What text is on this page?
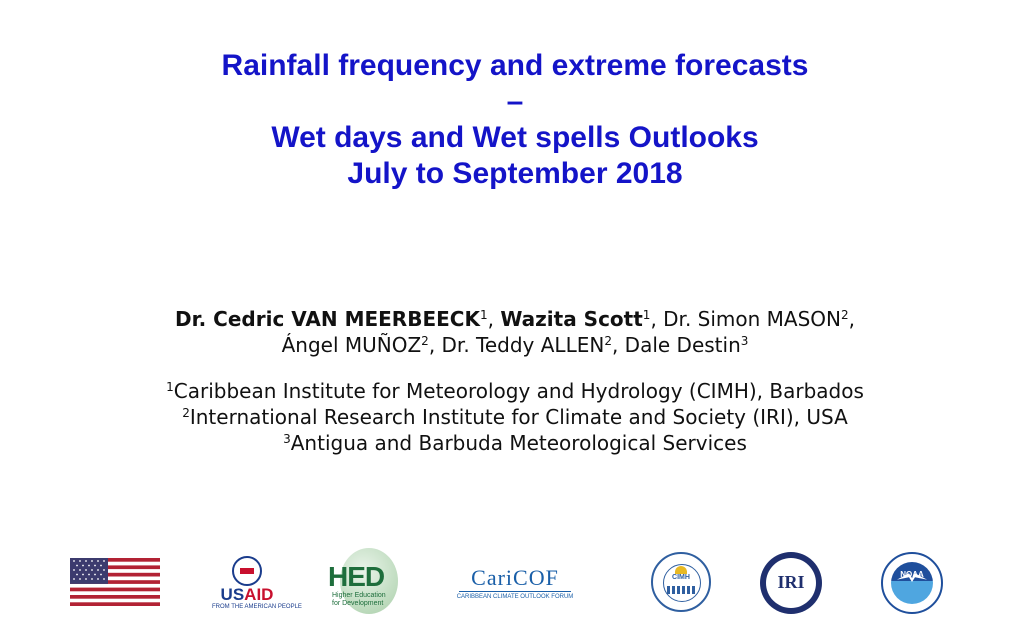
Rainfall frequency and extreme forecasts
–
Wet days and Wet spells Outlooks
July to September 2018
Dr. Cedric VAN MEERBEECK$^1$, Wazita Scott$^1$, Dr. Simon MASON$^2$,
Ángel MUÑOZ$^2$, Dr. Teddy ALLEN$^2$, Dale Destin$^3$
$^1$Caribbean Institute for Meteorology and Hydrology (CIMH), Barbados
$^2$International Research Institute for Climate and Society (IRI), USA
$^3$Antigua and Barbuda Meteorological Services
USAID
FROM THE AMERICAN PEOPLE
HED
Higher Education for Development
CariCOF
CARIBBEAN CLIMATE OUTLOOK FORUM
CIMH	IRI	NOAA
